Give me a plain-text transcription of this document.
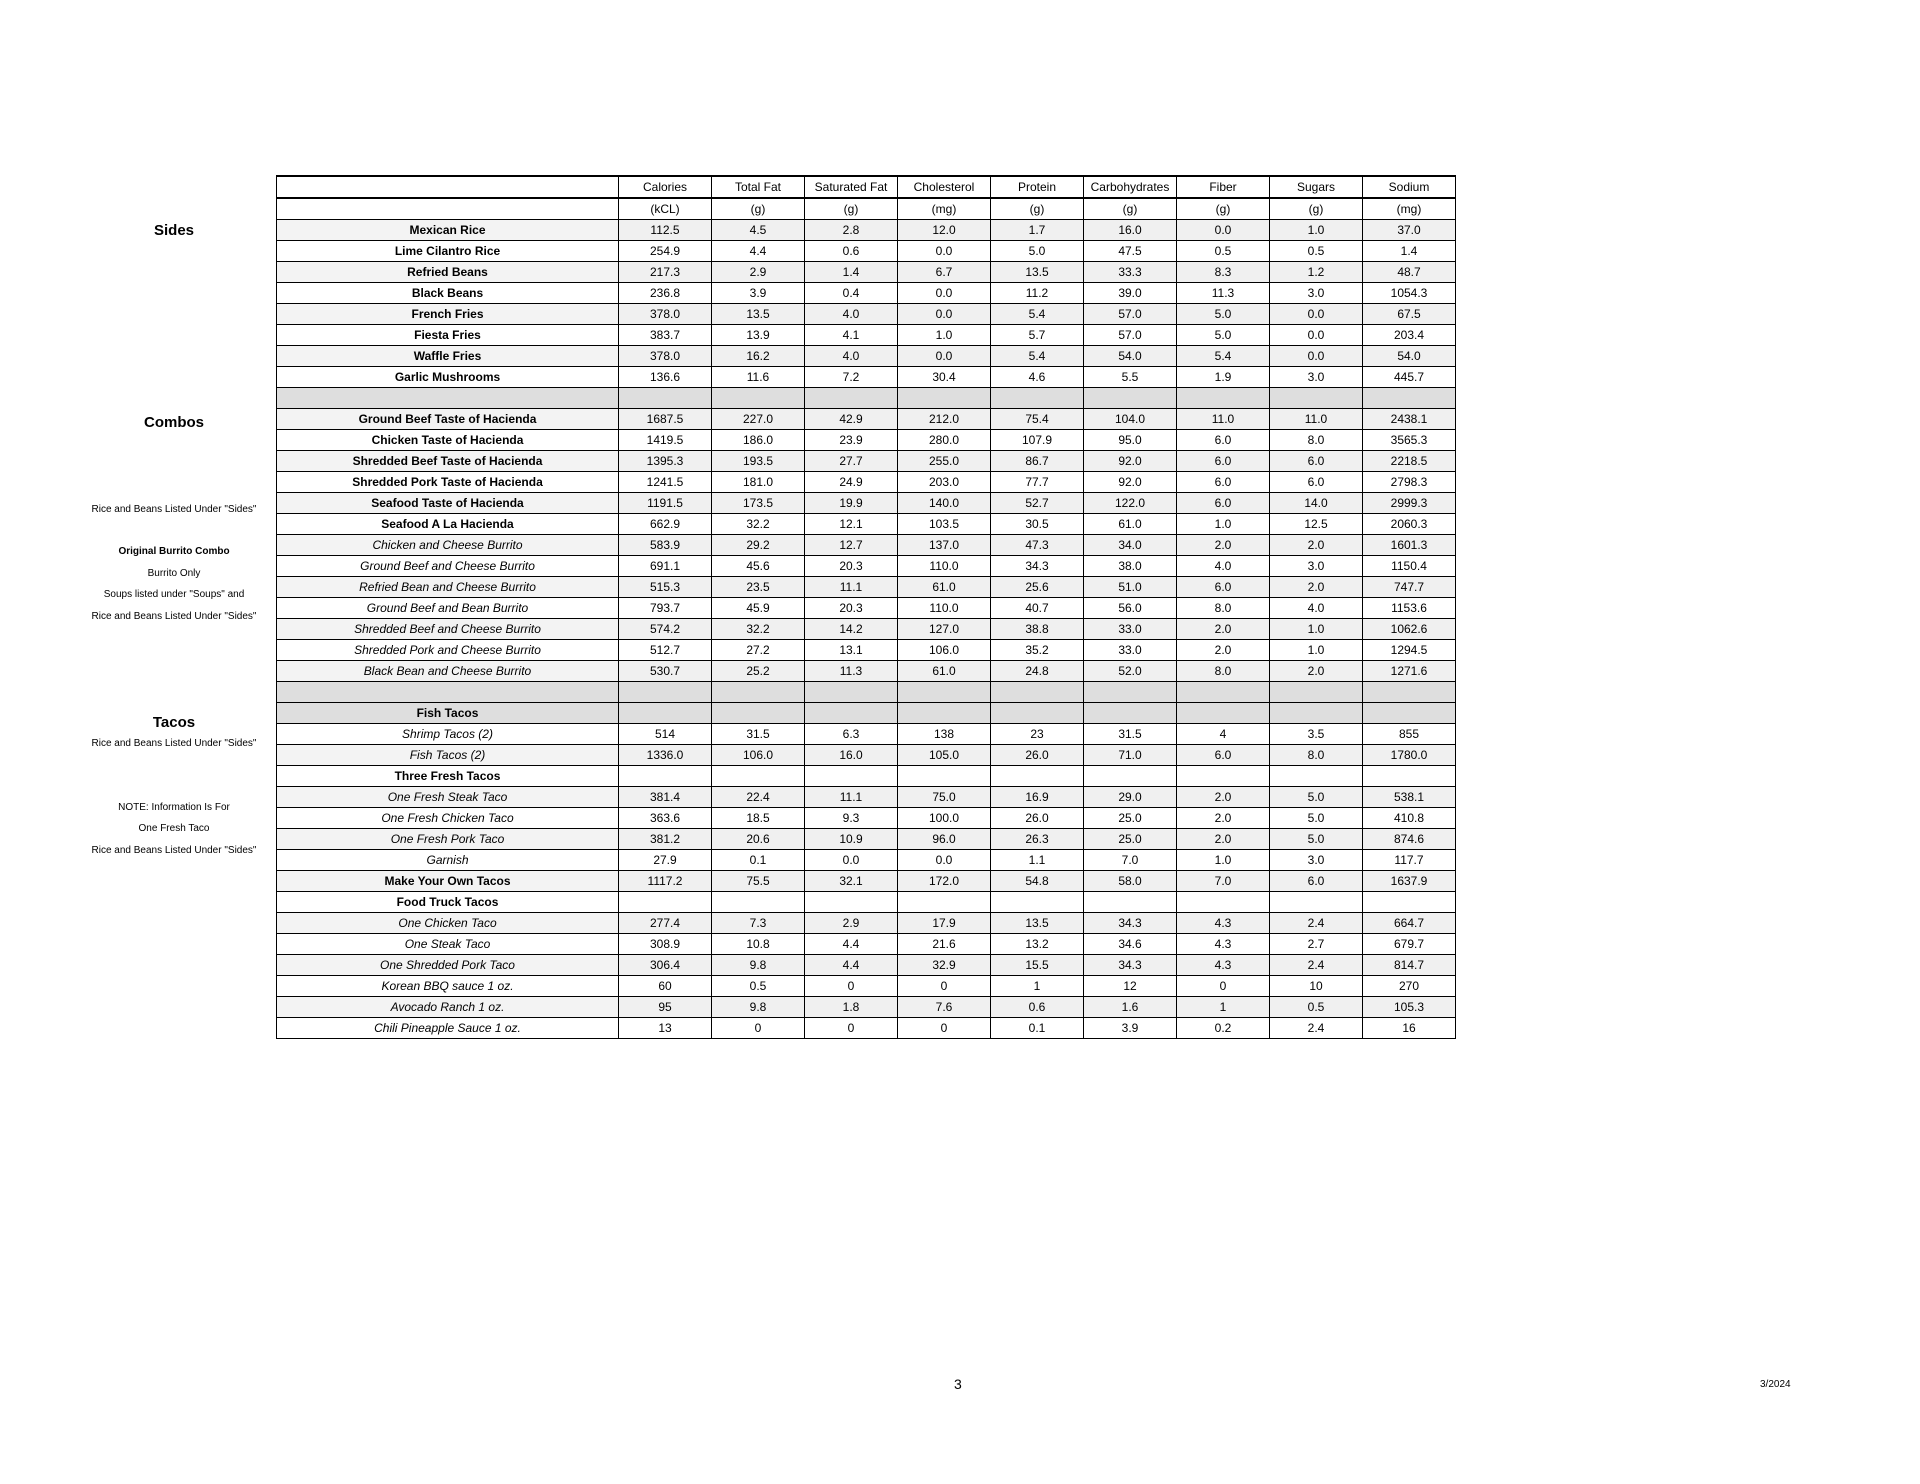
Sides
Combos
Rice and Beans Listed Under "Sides"
Original Burrito Combo
Burrito Only
Soups listed under "Soups" and
Rice and Beans Listed Under "Sides"
Tacos
Rice and Beans Listed Under "Sides"
NOTE: Information Is For
One Fresh Taco
Rice and Beans Listed Under "Sides"
	Calories	Total Fat	Saturated Fat	Cholesterol	Protein	Carbohydrates	Fiber	Sugars	Sodium
	(kCL)	(g)	(g)	(mg)	(g)	(g)	(g)	(g)	(mg)
Mexican Rice	112.5	4.5	2.8	12.0	1.7	16.0	0.0	1.0	37.0
Lime Cilantro Rice	254.9	4.4	0.6	0.0	5.0	47.5	0.5	0.5	1.4
Refried Beans	217.3	2.9	1.4	6.7	13.5	33.3	8.3	1.2	48.7
Black Beans	236.8	3.9	0.4	0.0	11.2	39.0	11.3	3.0	1054.3
French Fries	378.0	13.5	4.0	0.0	5.4	57.0	5.0	0.0	67.5
Fiesta Fries	383.7	13.9	4.1	1.0	5.7	57.0	5.0	0.0	203.4
Waffle Fries	378.0	16.2	4.0	0.0	5.4	54.0	5.4	0.0	54.0
Garlic Mushrooms	136.6	11.6	7.2	30.4	4.6	5.5	1.9	3.0	445.7

Ground Beef Taste of Hacienda	1687.5	227.0	42.9	212.0	75.4	104.0	11.0	11.0	2438.1
Chicken Taste of Hacienda	1419.5	186.0	23.9	280.0	107.9	95.0	6.0	8.0	3565.3
Shredded Beef Taste of Hacienda	1395.3	193.5	27.7	255.0	86.7	92.0	6.0	6.0	2218.5
Shredded Pork Taste of Hacienda	1241.5	181.0	24.9	203.0	77.7	92.0	6.0	6.0	2798.3
Seafood Taste of Hacienda	1191.5	173.5	19.9	140.0	52.7	122.0	6.0	14.0	2999.3
Seafood A La Hacienda	662.9	32.2	12.1	103.5	30.5	61.0	1.0	12.5	2060.3
Chicken and Cheese Burrito	583.9	29.2	12.7	137.0	47.3	34.0	2.0	2.0	1601.3
Ground Beef and Cheese Burrito	691.1	45.6	20.3	110.0	34.3	38.0	4.0	3.0	1150.4
Refried Bean and Cheese Burrito	515.3	23.5	11.1	61.0	25.6	51.0	6.0	2.0	747.7
Ground Beef and Bean Burrito	793.7	45.9	20.3	110.0	40.7	56.0	8.0	4.0	1153.6
Shredded Beef and Cheese Burrito	574.2	32.2	14.2	127.0	38.8	33.0	2.0	1.0	1062.6
Shredded Pork and Cheese Burrito	512.7	27.2	13.1	106.0	35.2	33.0	2.0	1.0	1294.5
Black Bean and Cheese Burrito	530.7	25.2	11.3	61.0	24.8	52.0	8.0	2.0	1271.6

Fish Tacos									
Shrimp Tacos (2)	514	31.5	6.3	138	23	31.5	4	3.5	855
Fish Tacos (2)	1336.0	106.0	16.0	105.0	26.0	71.0	6.0	8.0	1780.0
Three Fresh Tacos									
One Fresh Steak Taco	381.4	22.4	11.1	75.0	16.9	29.0	2.0	5.0	538.1
One Fresh Chicken Taco	363.6	18.5	9.3	100.0	26.0	25.0	2.0	5.0	410.8
One Fresh Pork Taco	381.2	20.6	10.9	96.0	26.3	25.0	2.0	5.0	874.6
Garnish	27.9	0.1	0.0	0.0	1.1	7.0	1.0	3.0	117.7
Make Your Own Tacos	1117.2	75.5	32.1	172.0	54.8	58.0	7.0	6.0	1637.9
Food Truck Tacos									
One Chicken Taco	277.4	7.3	2.9	17.9	13.5	34.3	4.3	2.4	664.7
One Steak Taco	308.9	10.8	4.4	21.6	13.2	34.6	4.3	2.7	679.7
One Shredded Pork Taco	306.4	9.8	4.4	32.9	15.5	34.3	4.3	2.4	814.7
Korean BBQ sauce 1 oz.	60	0.5	0	0	1	12	0	10	270
Avocado Ranch 1 oz.	95	9.8	1.8	7.6	0.6	1.6	1	0.5	105.3
Chili Pineapple Sauce 1 oz.	13	0	0	0	0.1	3.9	0.2	2.4	16
3	3/2024
